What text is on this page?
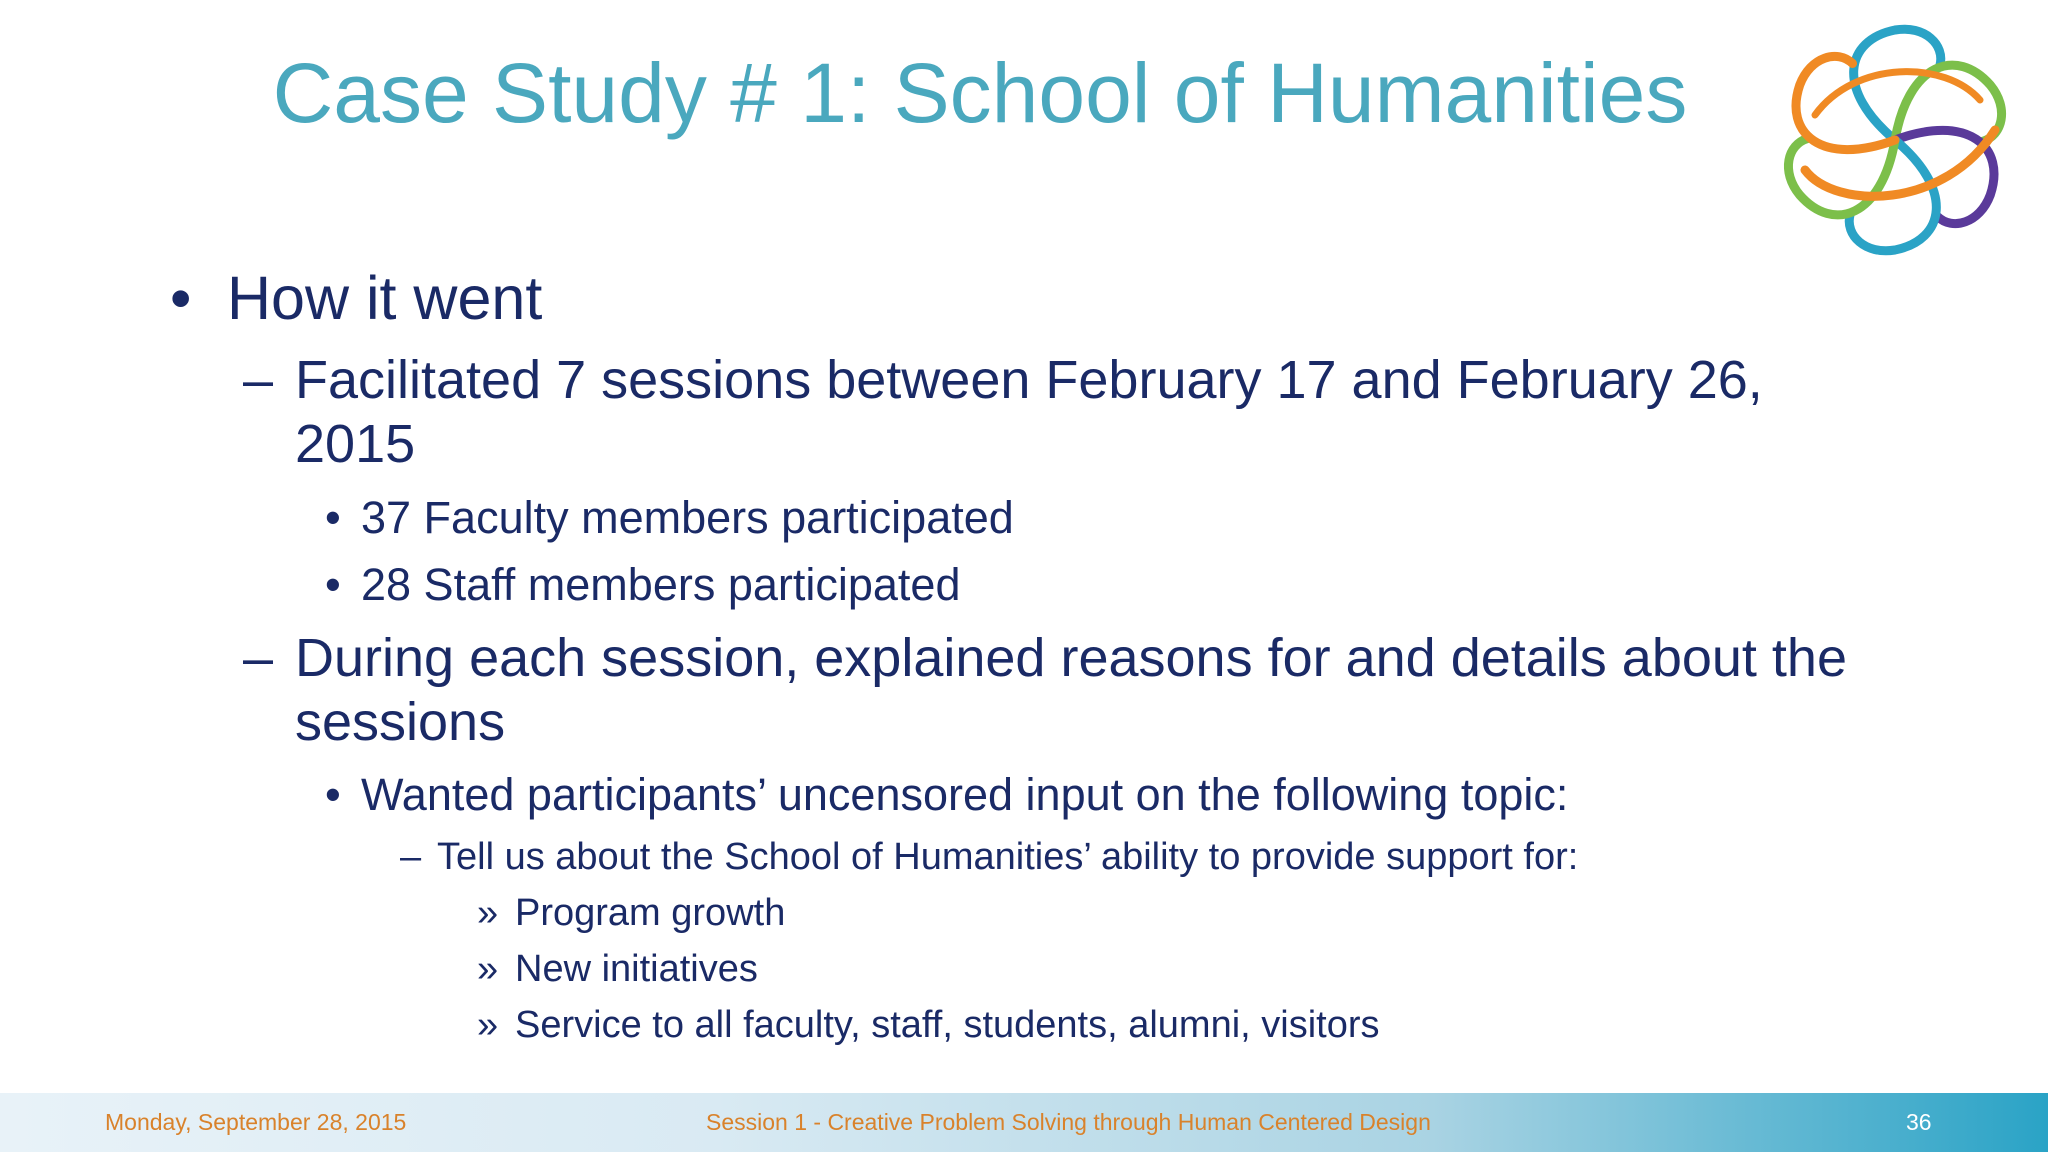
Case Study # 1: School of Humanities
• How it went
– Facilitated 7 sessions between February 17 and February 26,
2015
• 37 Faculty members participated
• 28 Staff members participated
– During each session, explained reasons for and details about the
sessions
• Wanted participants’ uncensored input on the following topic:
– Tell us about the School of Humanities’ ability to provide support for:
» Program growth
» New initiatives
» Service to all faculty, staff, students, alumni, visitors
Monday, September 28, 2015	Session 1 - Creative Problem Solving through Human Centered Design	36
